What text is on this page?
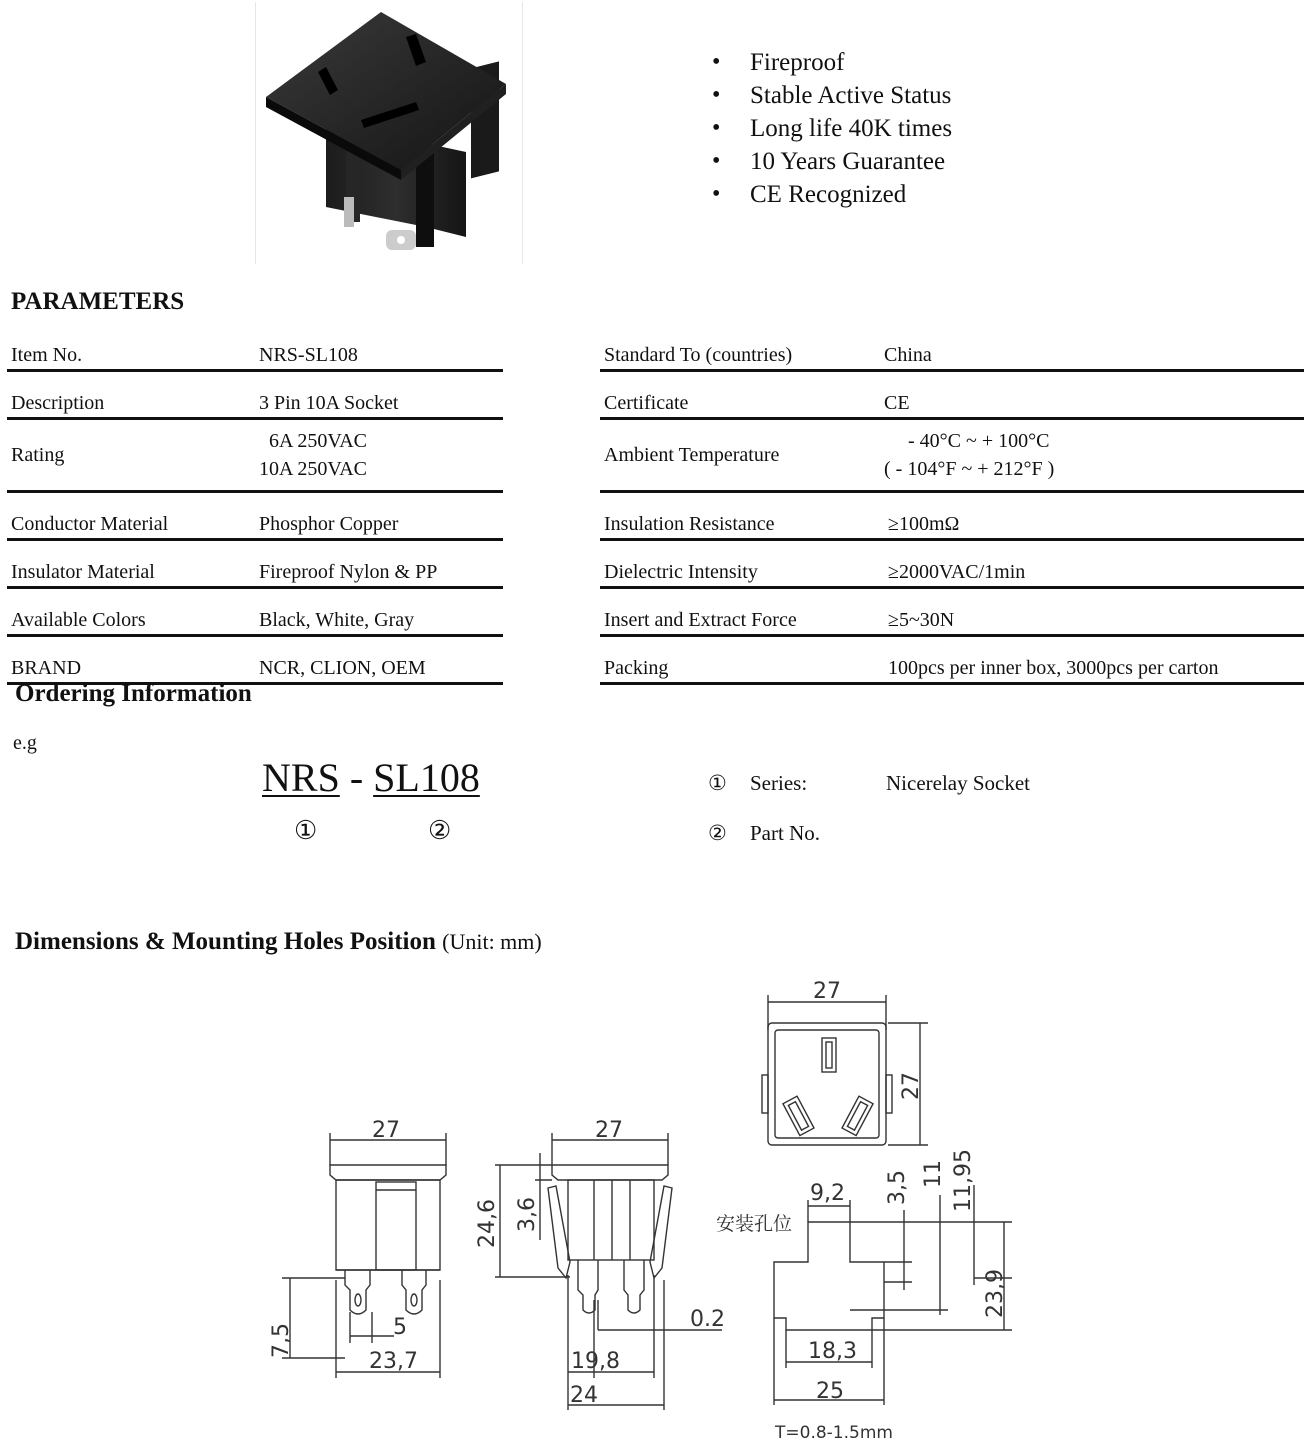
• Fireproof
• Stable Active Status
• Long life 40K times
• 10 Years Guarantee
• CE Recognized
PARAMETERS
Item No.	NRS-SL108
Description	3 Pin 10A Socket
Rating	6A 250VAC
10A 250VAC

Conductor Material	Phosphor Copper
Insulator Material	Fireproof Nylon & PP
Available Colors	Black, White, Gray
BRAND	NCR, CLION, OEM
Standard To (countries)	China
Certificate	CE
Ambient Temperature	- 40°C ~ + 100°C
( - 104°F ~ + 212°F )

Insulation Resistance	≥100mΩ
Dielectric Intensity	≥2000VAC/1min
Insert and Extract Force	≥5~30N
Packing	100pcs per inner box, 3000pcs per carton
Ordering Information
e.g
NRS - SL108
①	②
① Series:	Nicerelay Socket
② Part No.
Dimensions & Mounting Holes Position (Unit: mm)
27
7,5	5
23,7
27
24,6 3,6
0.2
19,8
24
27
27
9,2
安装孔位
3,5 11 11,95
23,9
18,3
25
T=0.8-1.5mm
